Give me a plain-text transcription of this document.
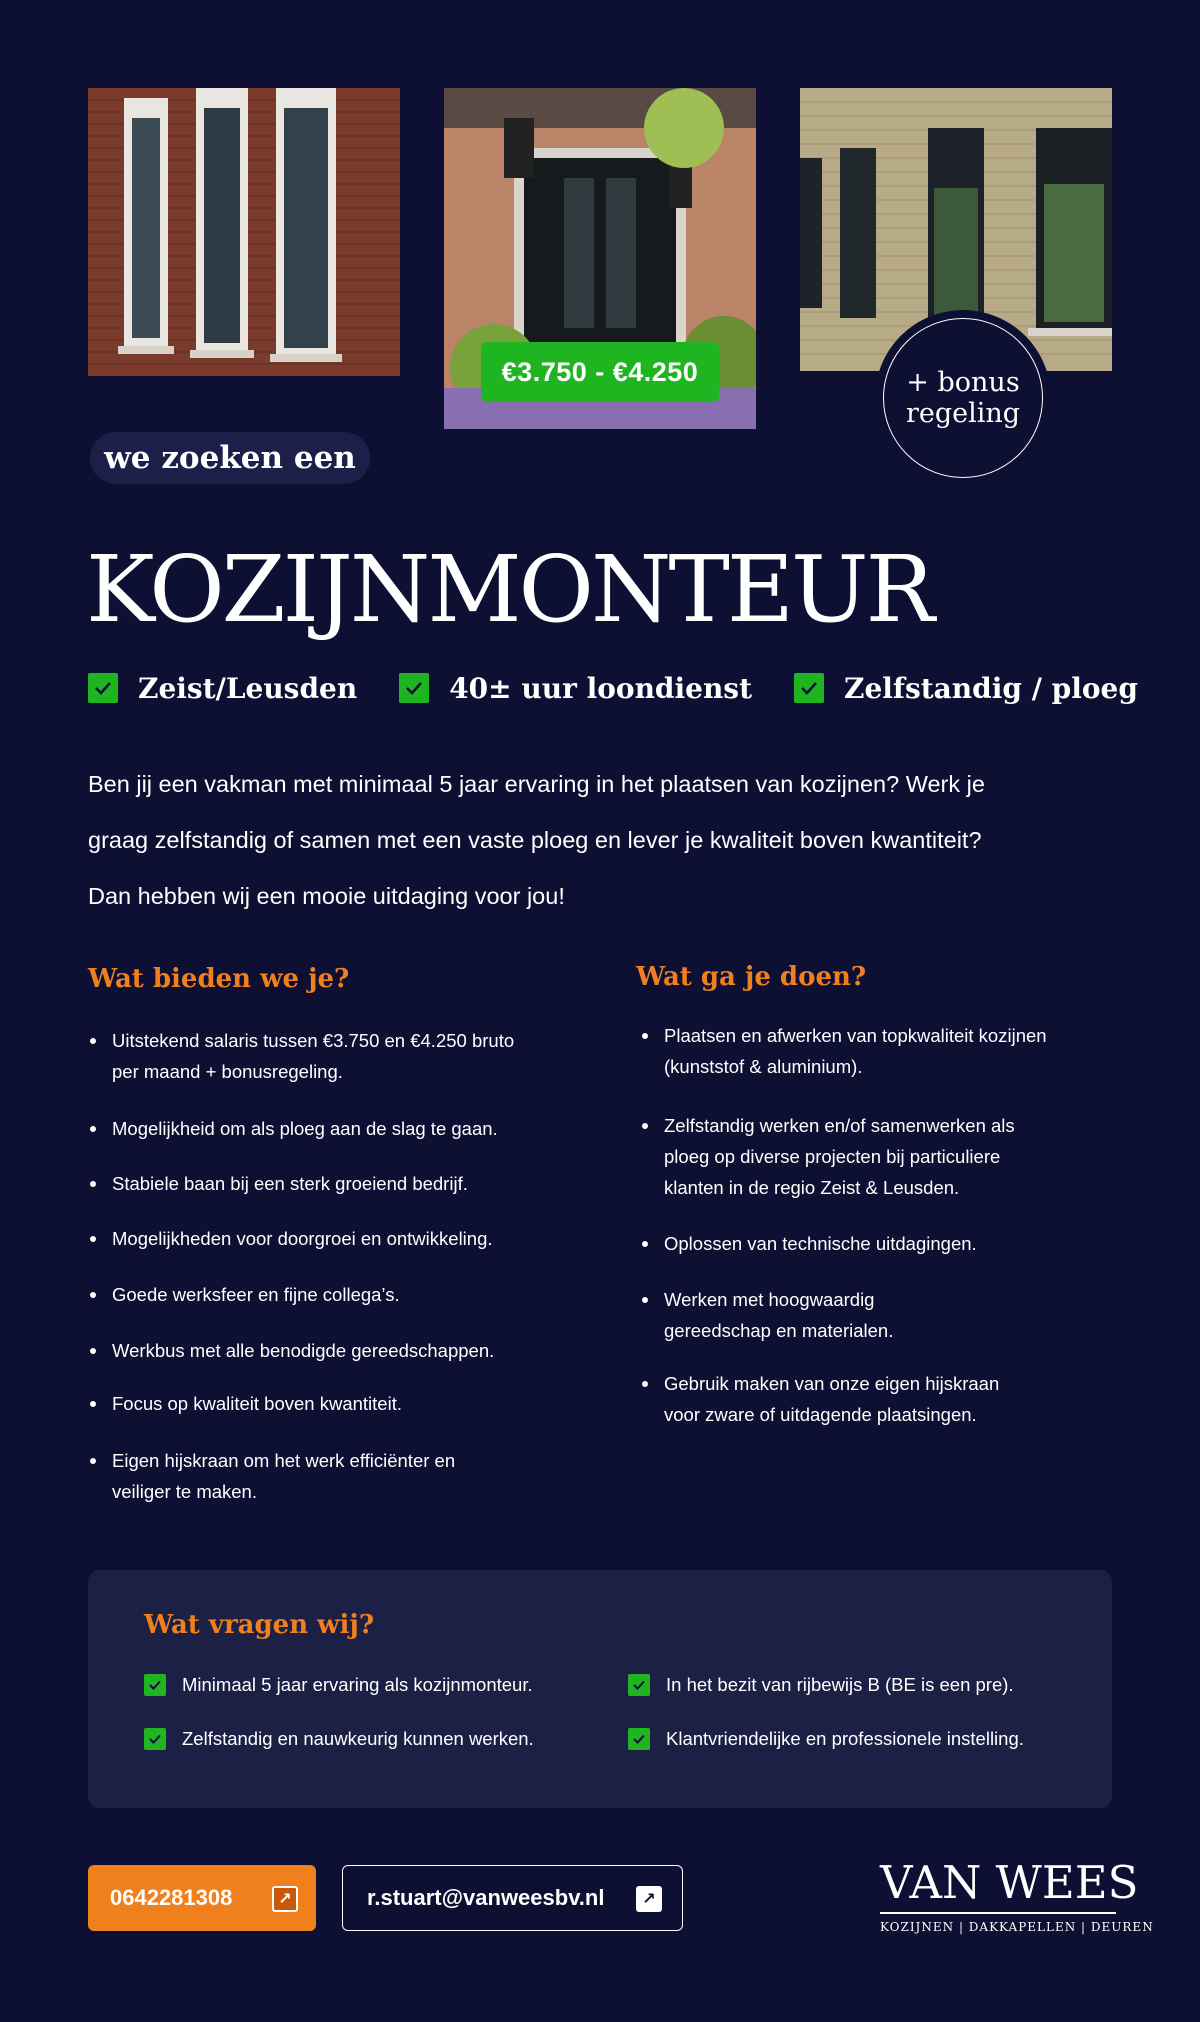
€3.750 - €4.250	+ bonus
regeling
we zoeken een
KOZIJNMONTEUR
Zeist/Leusden	40± uur loondienst	Zelfstandig / ploeg
Ben jij een vakman met minimaal 5 jaar ervaring in het plaatsen van kozijnen? Werk je
graag zelfstandig of samen met een vaste ploeg en lever je kwaliteit boven kwantiteit?
Dan hebben wij een mooie uitdaging voor jou!
Wat bieden we je?
Uitstekend salaris tussen €3.750 en €4.250 bruto per maand + bonusregeling.
Mogelijkheid om als ploeg aan de slag te gaan.
Stabiele baan bij een sterk groeiend bedrijf.
Mogelijkheden voor doorgroei en ontwikkeling.
Goede werksfeer en fijne collega’s.
Werkbus met alle benodigde gereedschappen.
Focus op kwaliteit boven kwantiteit.
Eigen hijskraan om het werk efficiënter en veiliger te maken.
Wat ga je doen?
Plaatsen en afwerken van topkwaliteit kozijnen (kunststof & aluminium).
Zelfstandig werken en/of samenwerken als ploeg op diverse projecten bij particuliere klanten in de regio Zeist & Leusden.
Oplossen van technische uitdagingen.
Werken met hoogwaardig gereedschap en materialen.
Gebruik maken van onze eigen hijskraan voor zware of uitdagende plaatsingen.
Wat vragen wij?
Minimaal 5 jaar ervaring als kozijnmonteur.	In het bezit van rijbewijs B (BE is een pre).
Zelfstandig en nauwkeurig kunnen werken.	Klantvriendelijke en professionele instelling.
0642281308	↗	r.stuart@vanweesbv.nl	↗	VAN WEES
KOZIJNEN | DAKKAPELLEN | DEUREN
